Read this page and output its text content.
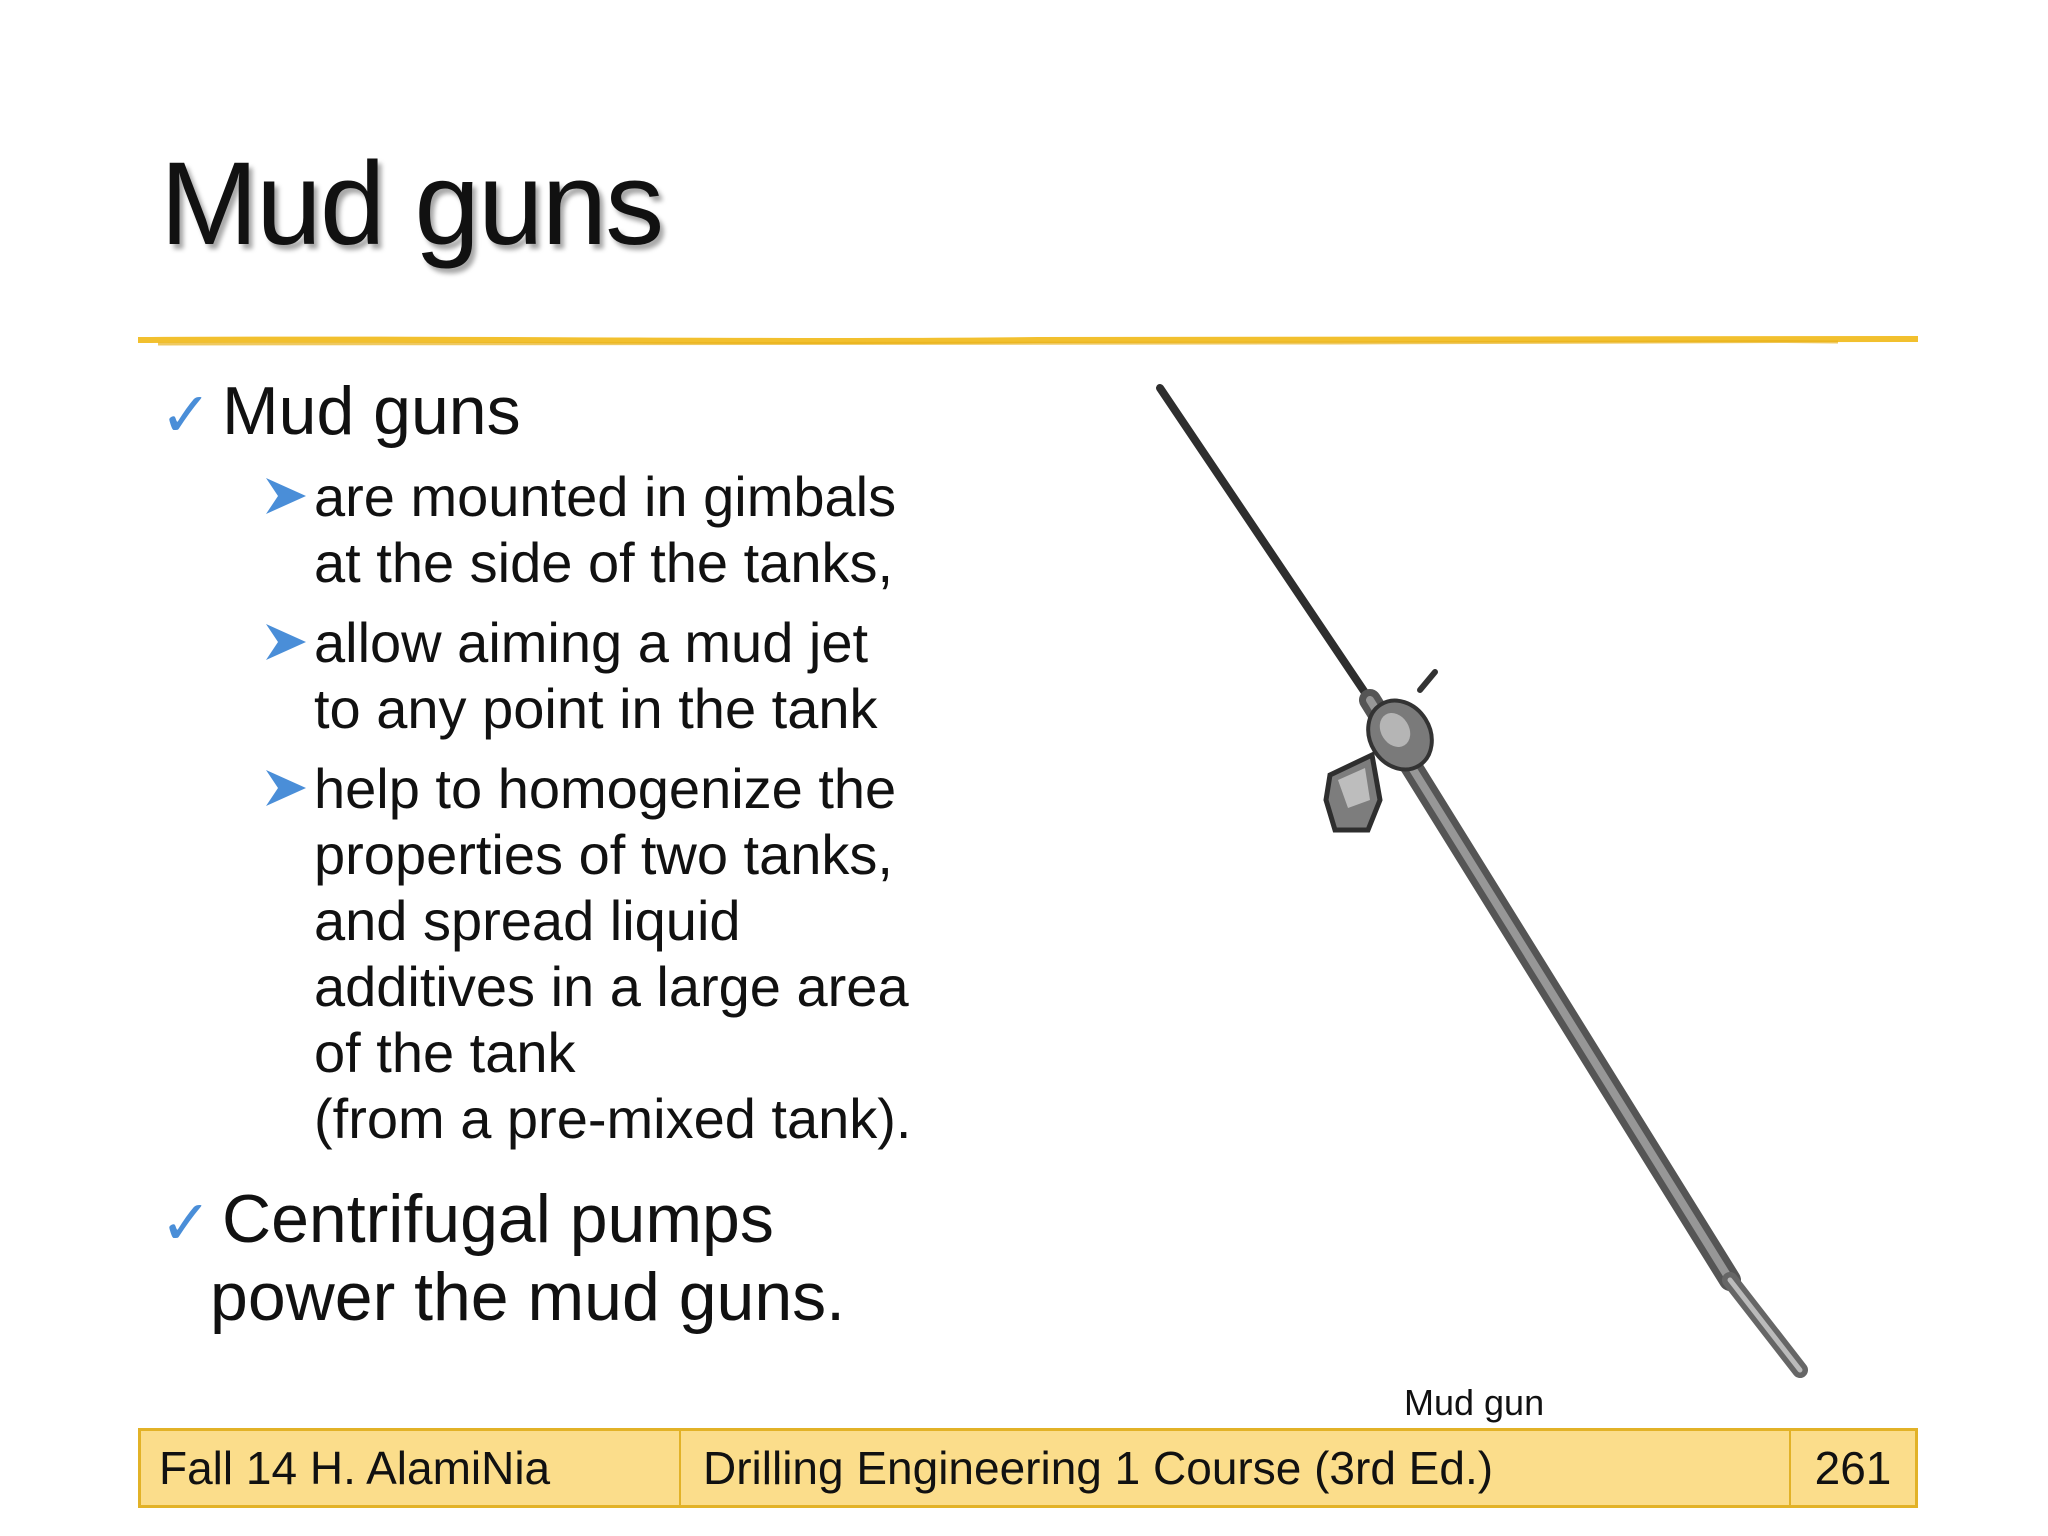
Mud guns
✓ Mud guns
are mounted in gimbals
at the side of the tanks,
allow aiming a mud jet
to any point in the tank
help to homogenize the
properties of two tanks,
and spread liquid
additives in a large area
of the tank
(from a pre-mixed tank).
✓ Centrifugal pumps
power the mud guns.
Mud gun
Fall 14 H. AlamiNia	Drilling Engineering 1 Course (3rd Ed.)	261
